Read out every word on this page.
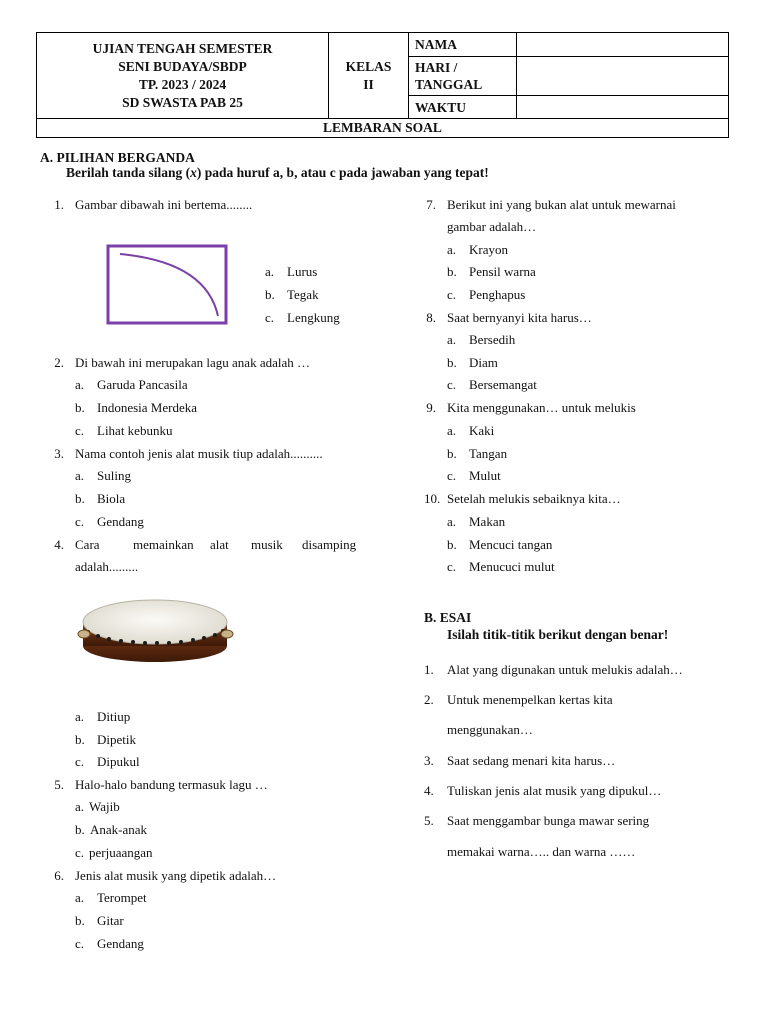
UJIAN TENGAH SEMESTER
SENI BUDAYA/SBDP
TP. 2023 / 2024
SD SWASTA PAB 25
KELAS
II
NAMA
HARI /
TANGGAL
WAKTU
LEMBARAN SOAL
A. PILIHAN BERGANDA
Berilah tanda silang (x) pada huruf a, b, atau c pada jawaban yang tepat!
1. Gambar dibawah ini bertema........
a. Lurus
b. Tegak
c. Lengkung
2. Di bawah ini merupakan lagu anak adalah …
a. Garuda Pancasila
b. Indonesia Merdeka
c. Lihat kebunku
3. Nama contoh jenis alat musik tiup adalah..........
a. Suling
b. Biola
c. Gendang
4. Cara	memainkan alat musik disamping
adalah.........
a. Ditiup
b. Dipetik
c. Dipukul
5. Halo-halo bandung termasuk lagu …
a. Wajib
b. Anak-anak
c. perjuaangan
6. Jenis alat musik yang dipetik adalah…
a. Terompet
b. Gitar
c. Gendang
7. Berikut ini yang bukan alat untuk mewarnai
gambar adalah…
a. Krayon
b. Pensil warna
c. Penghapus
8. Saat bernyanyi kita harus…
a. Bersedih
b. Diam
c. Bersemangat
9. Kita menggunakan… untuk melukis
a. Kaki
b. Tangan
c. Mulut
10. Setelah melukis sebaiknya kita…
a. Makan
b. Mencuci tangan
c. Menucuci mulut
B. ESAI
Isilah titik-titik berikut dengan benar!
1. Alat yang digunakan untuk melukis adalah…
2. Untuk menempelkan kertas kita
menggunakan…
3. Saat sedang menari kita harus…
4. Tuliskan jenis alat musik yang dipukul…
5. Saat menggambar bunga mawar sering
memakai warna….. dan warna ……
